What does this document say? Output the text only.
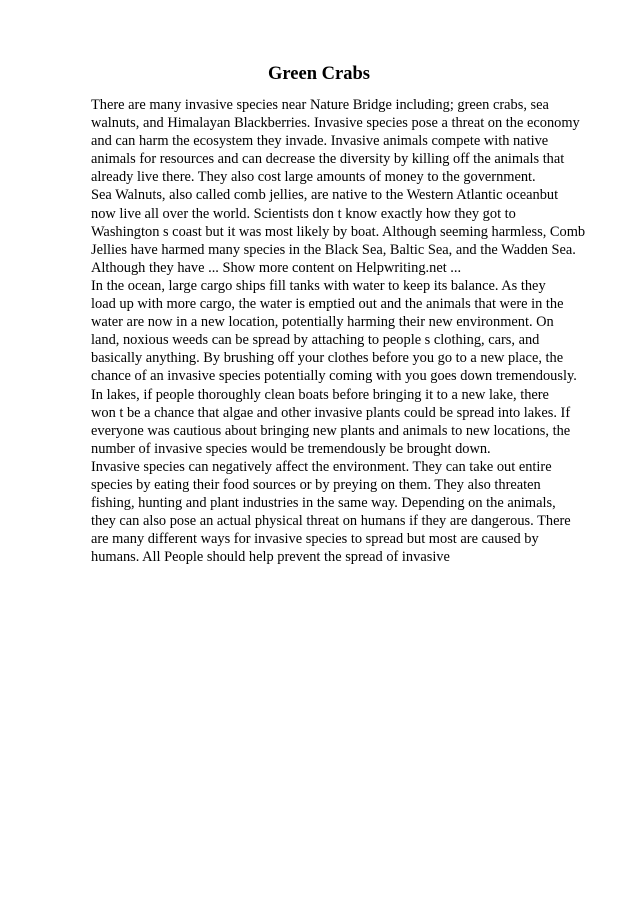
Green Crabs
There are many invasive species near Nature Bridge including; green crabs, sea
walnuts, and Himalayan Blackberries. Invasive species pose a threat on the economy
and can harm the ecosystem they invade. Invasive animals compete with native
animals for resources and can decrease the diversity by killing off the animals that
already live there. They also cost large amounts of money to the government.
Sea Walnuts, also called comb jellies, are native to the Western Atlantic oceanbut
now live all over the world. Scientists don t know exactly how they got to
Washington s coast but it was most likely by boat. Although seeming harmless, Comb
Jellies have harmed many species in the Black Sea, Baltic Sea, and the Wadden Sea.
Although they have ... Show more content on Helpwriting.net ...
In the ocean, large cargo ships fill tanks with water to keep its balance. As they
load up with more cargo, the water is emptied out and the animals that were in the
water are now in a new location, potentially harming their new environment. On
land, noxious weeds can be spread by attaching to people s clothing, cars, and
basically anything. By brushing off your clothes before you go to a new place, the
chance of an invasive species potentially coming with you goes down tremendously.
In lakes, if people thoroughly clean boats before bringing it to a new lake, there
won t be a chance that algae and other invasive plants could be spread into lakes. If
everyone was cautious about bringing new plants and animals to new locations, the
number of invasive species would be tremendously be brought down.
Invasive species can negatively affect the environment. They can take out entire
species by eating their food sources or by preying on them. They also threaten
fishing, hunting and plant industries in the same way. Depending on the animals,
they can also pose an actual physical threat on humans if they are dangerous. There
are many different ways for invasive species to spread but most are caused by
humans. All People should help prevent the spread of invasive
